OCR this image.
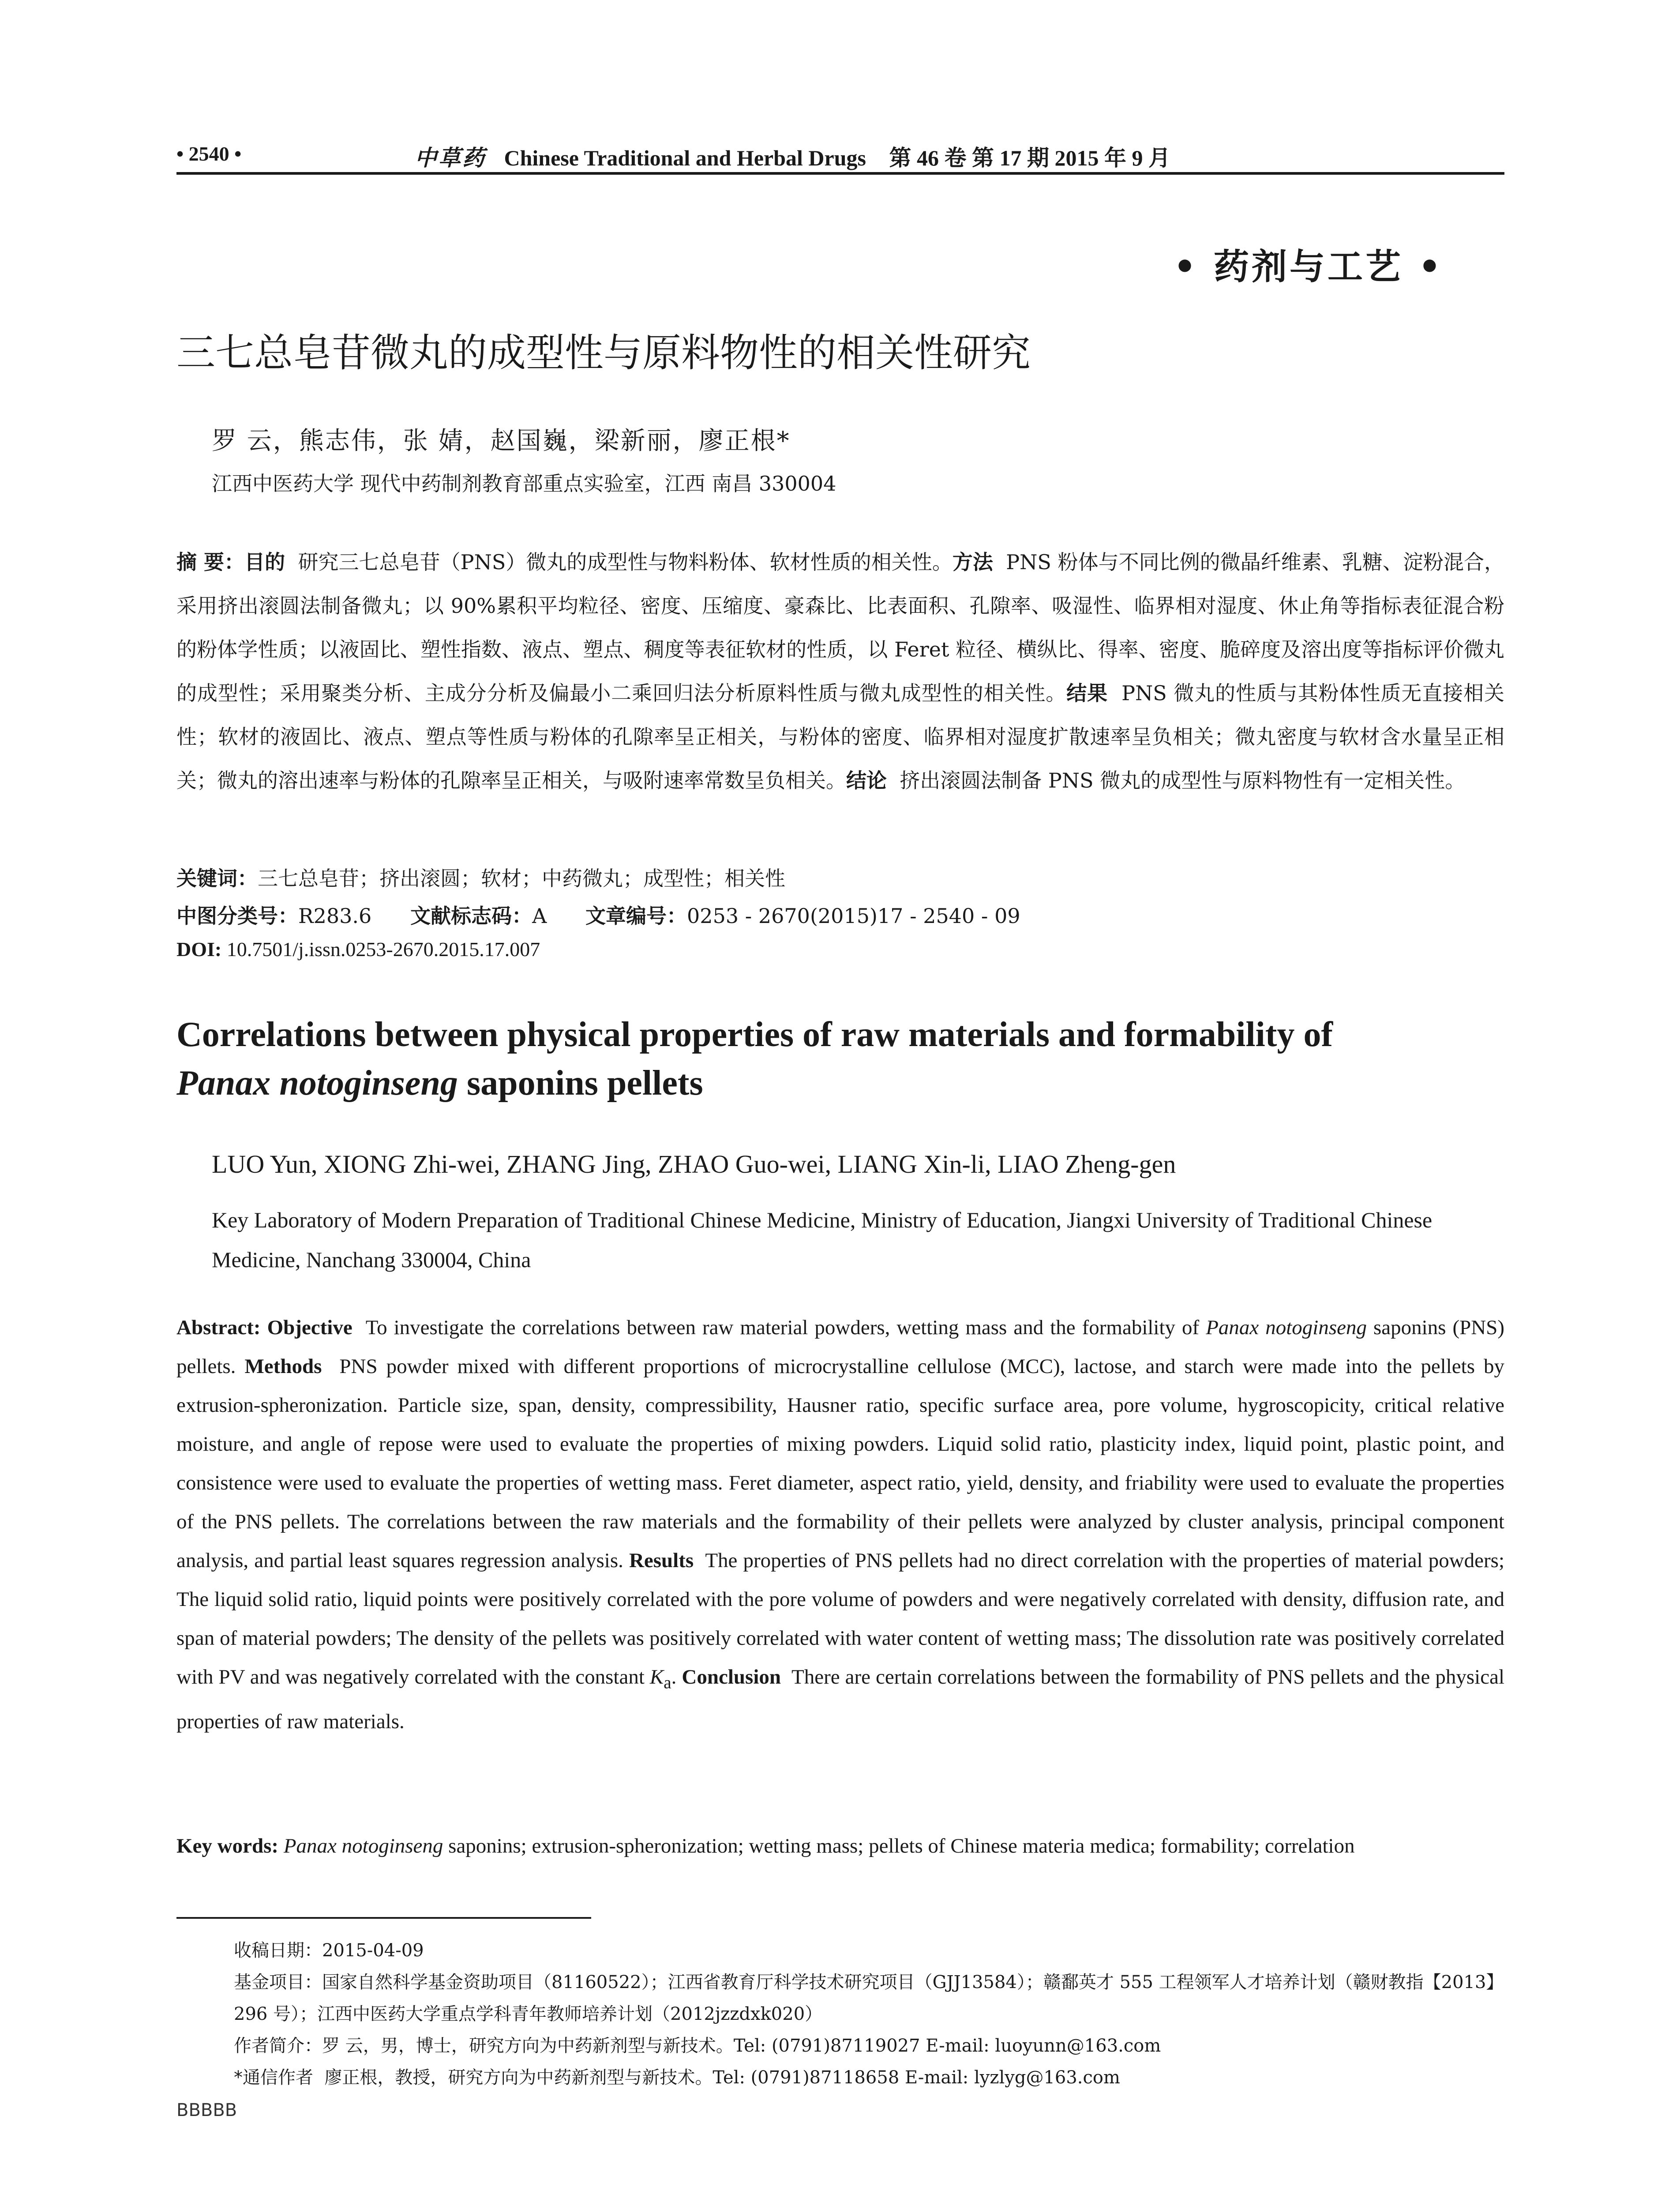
• 2540 •	中草药 Chinese Traditional and Herbal Drugs 第 46 卷 第 17 期 2015 年 9 月
• 药剂与工艺 •
三七总皂苷微丸的成型性与原料物性的相关性研究
罗 云，熊志伟，张 婧，赵国巍，梁新丽，廖正根*
江西中医药大学 现代中药制剂教育部重点实验室，江西 南昌 330004
摘 要：目的 研究三七总皂苷（PNS）微丸的成型性与物料粉体、软材性质的相关性。方法 PNS 粉体与不同比例的微晶纤维素、乳糖、淀粉混合，采用挤出滚圆法制备微丸；以 90%累积平均粒径、密度、压缩度、豪森比、比表面积、孔隙率、吸湿性、临界相对湿度、休止角等指标表征混合粉的粉体学性质；以液固比、塑性指数、液点、塑点、稠度等表征软材的性质，以 Feret 粒径、横纵比、得率、密度、脆碎度及溶出度等指标评价微丸的成型性；采用聚类分析、主成分分析及偏最小二乘回归法分析原料性质与微丸成型性的相关性。结果 PNS 微丸的性质与其粉体性质无直接相关性；软材的液固比、液点、塑点等性质与粉体的孔隙率呈正相关，与粉体的密度、临界相对湿度扩散速率呈负相关；微丸密度与软材含水量呈正相关；微丸的溶出速率与粉体的孔隙率呈正相关，与吸附速率常数呈负相关。结论 挤出滚圆法制备 PNS 微丸的成型性与原料物性有一定相关性。
关键词：三七总皂苷；挤出滚圆；软材；中药微丸；成型性；相关性
中图分类号：R283.6 文献标志码：A 文章编号：0253 - 2670(2015)17 - 2540 - 09
DOI: 10.7501/j.issn.0253-2670.2015.17.007
Correlations between physical properties of raw materials and formability of
Panax notoginseng saponins pellets
LUO Yun, XIONG Zhi-wei, ZHANG Jing, ZHAO Guo-wei, LIANG Xin-li, LIAO Zheng-gen
Key Laboratory of Modern Preparation of Traditional Chinese Medicine, Ministry of Education, Jiangxi University of Traditional Chinese Medicine, Nanchang 330004, China
Abstract: Objective To investigate the correlations between raw material powders, wetting mass and the formability of Panax notoginseng saponins (PNS) pellets. Methods PNS powder mixed with different proportions of microcrystalline cellulose (MCC), lactose, and starch were made into the pellets by extrusion-spheronization. Particle size, span, density, compressibility, Hausner ratio, specific surface area, pore volume, hygroscopicity, critical relative moisture, and angle of repose were used to evaluate the properties of mixing powders. Liquid solid ratio, plasticity index, liquid point, plastic point, and consistence were used to evaluate the properties of wetting mass. Feret diameter, aspect ratio, yield, density, and friability were used to evaluate the properties of the PNS pellets. The correlations between the raw materials and the formability of their pellets were analyzed by cluster analysis, principal component analysis, and partial least squares regression analysis. Results The properties of PNS pellets had no direct correlation with the properties of material powders; The liquid solid ratio, liquid points were positively correlated with the pore volume of powders and were negatively correlated with density, diffusion rate, and span of material powders; The density of the pellets was positively correlated with water content of wetting mass; The dissolution rate was positively correlated with PV and was negatively correlated with the constant $K_a$. Conclusion There are certain correlations between the formability of PNS pellets and the physical properties of raw materials.
Key words: Panax notoginseng saponins; extrusion-spheronization; wetting mass; pellets of Chinese materia medica; formability; correlation
收稿日期：2015-04-09
基金项目：国家自然科学基金资助项目（81160522）；江西省教育厅科学技术研究项目（GJJ13584）；赣鄱英才 555 工程领军人才培养计划（赣财教指【2013】296 号）；江西中医药大学重点学科青年教师培养计划（2012jzzdxk020）
作者简介：罗 云，男，博士，研究方向为中药新剂型与新技术。Tel: (0791)87119027 E-mail: luoyunn@163.com
*通信作者 廖正根，教授，研究方向为中药新剂型与新技术。Tel: (0791)87118658 E-mail: lyzlyg@163.com
BBBBB
